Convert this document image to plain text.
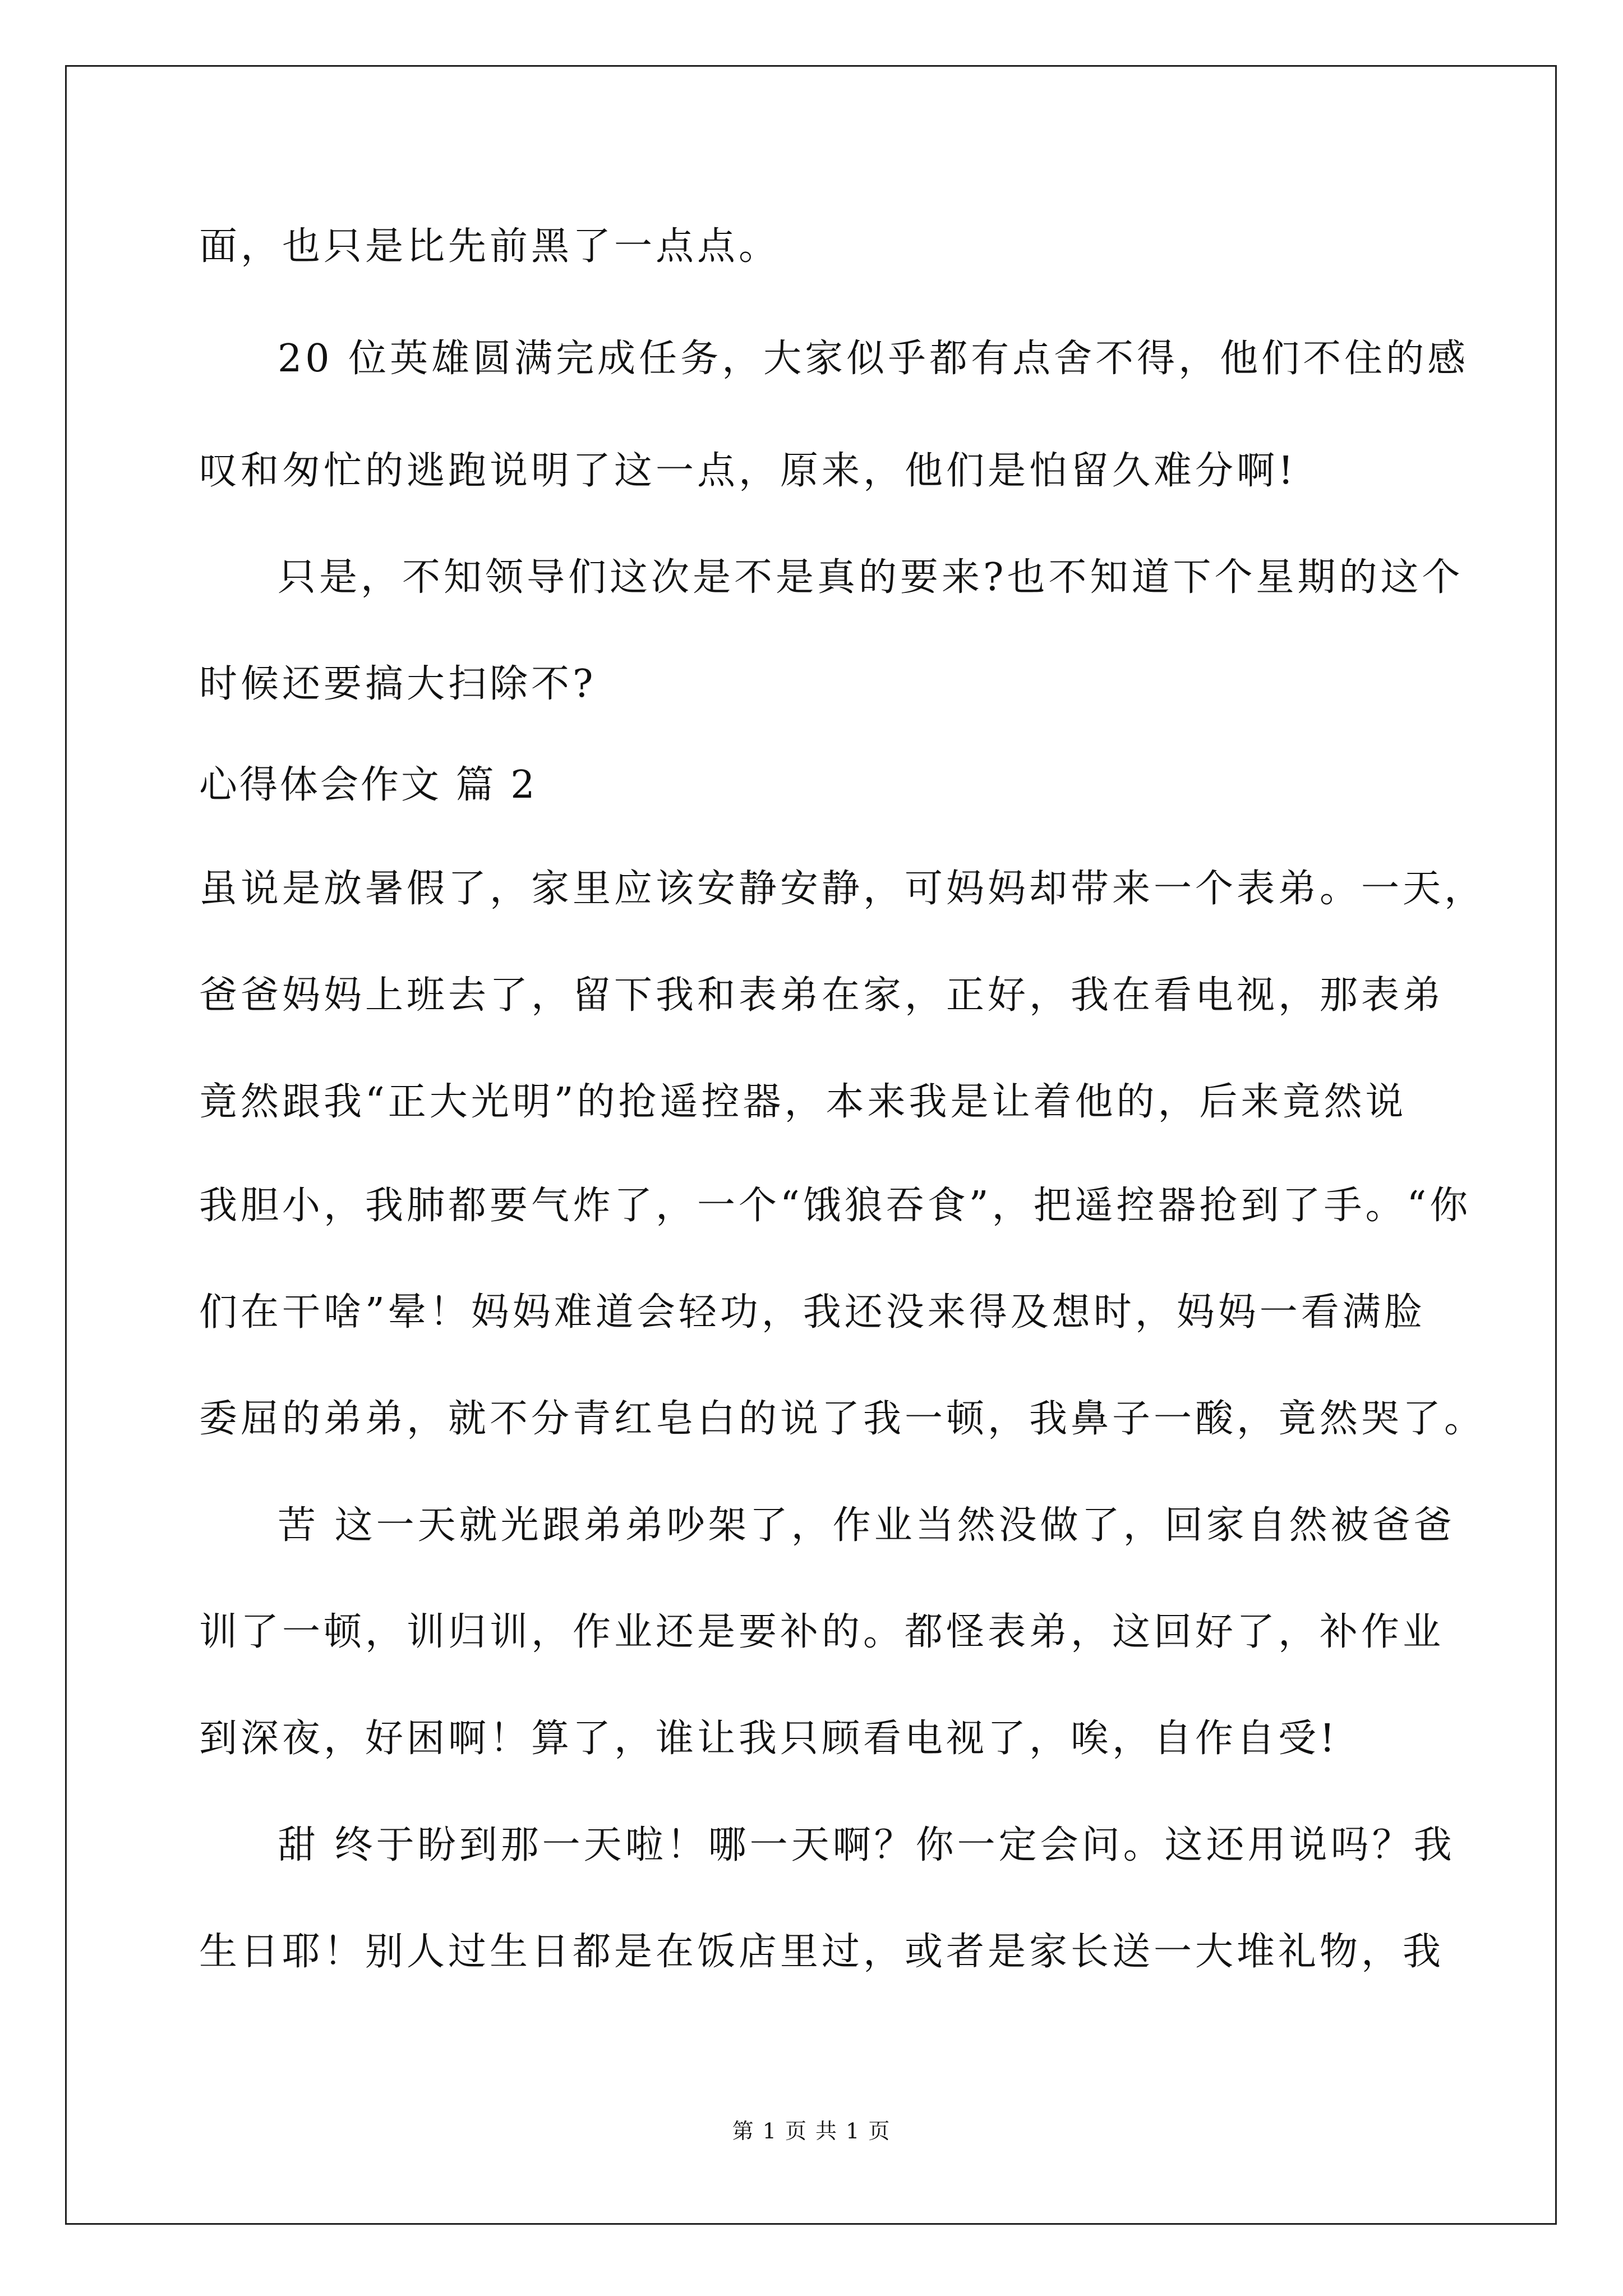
面，也只是比先前黑了一点点。
20 位英雄圆满完成任务，大家似乎都有点舍不得，他们不住的感
叹和匆忙的逃跑说明了这一点，原来，他们是怕留久难分啊!
只是，不知领导们这次是不是真的要来?也不知道下个星期的这个
时候还要搞大扫除不?
心得体会作文 篇 2
虽说是放暑假了，家里应该安静安静，可妈妈却带来一个表弟。一天，
爸爸妈妈上班去了，留下我和表弟在家，正好，我在看电视，那表弟
竟然跟我“正大光明”的抢遥控器，本来我是让着他的，后来竟然说
我胆小，我肺都要气炸了，一个“饿狼吞食”，把遥控器抢到了手。“你
们在干啥”晕！妈妈难道会轻功，我还没来得及想时，妈妈一看满脸
委屈的弟弟，就不分青红皂白的说了我一顿，我鼻子一酸，竟然哭了。
苦 这一天就光跟弟弟吵架了，作业当然没做了，回家自然被爸爸
训了一顿，训归训，作业还是要补的。都怪表弟，这回好了，补作业
到深夜，好困啊！算了，谁让我只顾看电视了，唉，自作自受!
甜 终于盼到那一天啦！哪一天啊？你一定会问。这还用说吗？我
生日耶！别人过生日都是在饭店里过，或者是家长送一大堆礼物，我
第 1 页 共 1 页
